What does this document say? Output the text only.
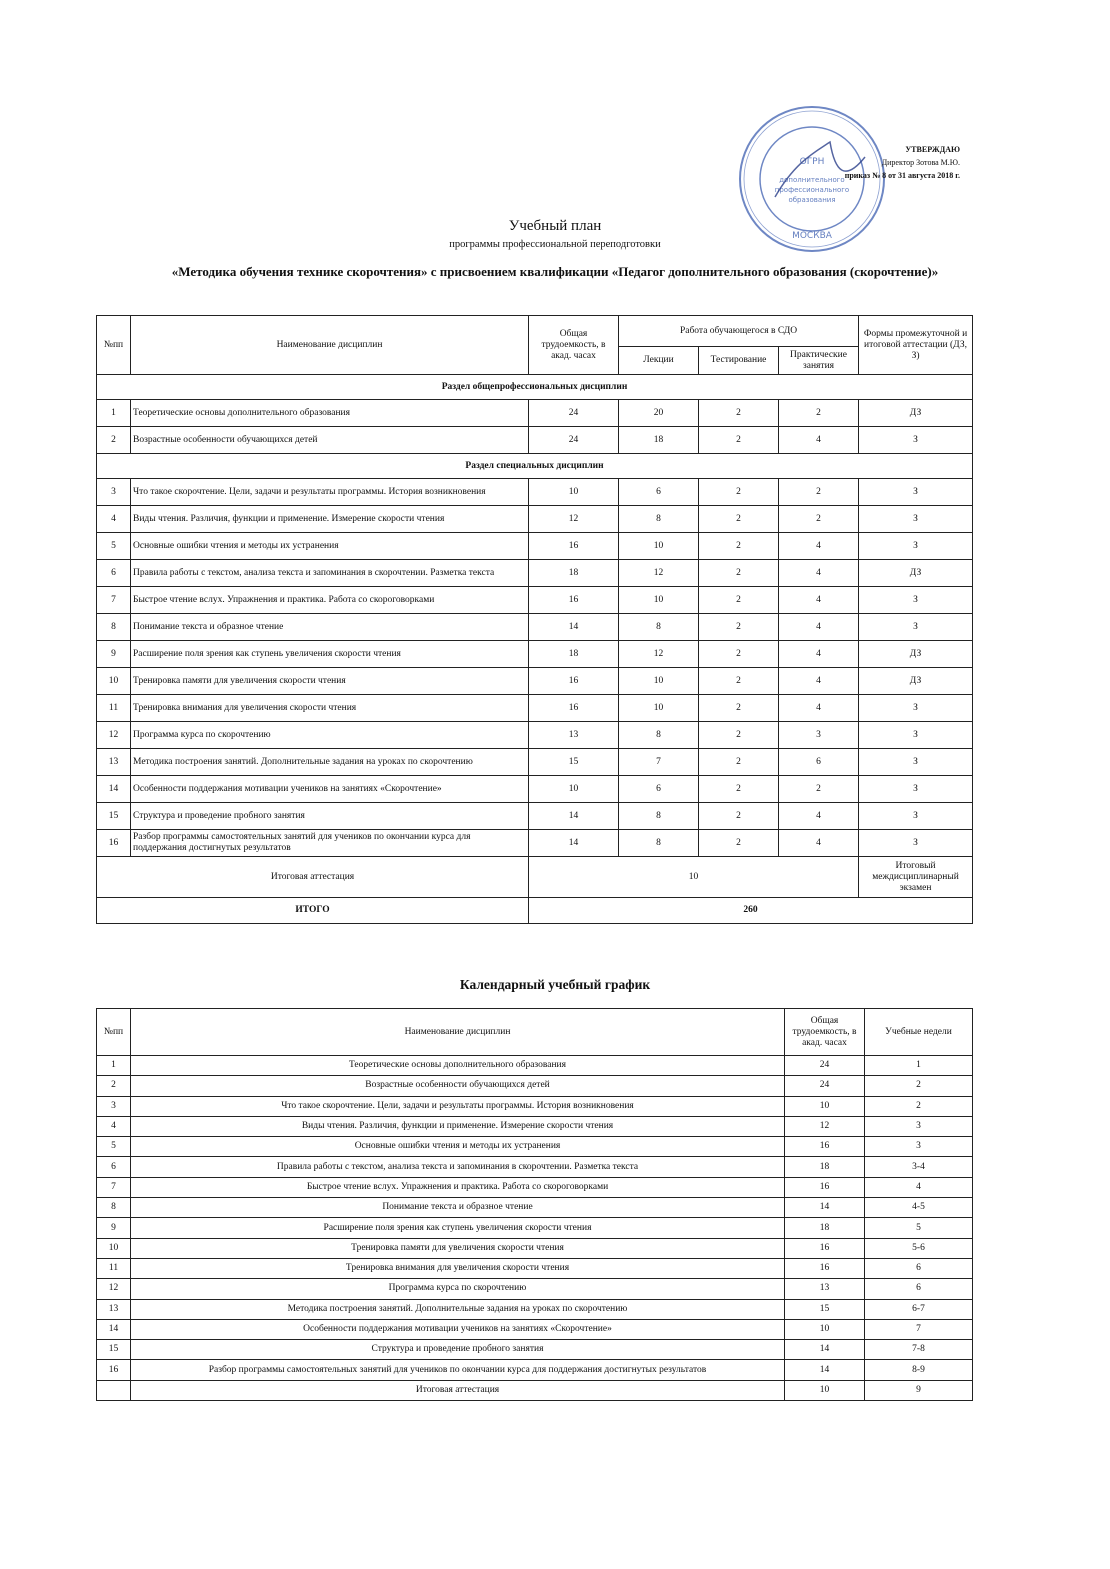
ОГРН
дополнительного
профессионального
образования
МОСКВА
УТВЕРЖДАЮ
Директор Зотова М.Ю.
приказ № 8 от 31 августа 2018 г.
Учебный план
программы профессиональной переподготовки
«Методика обучения технике скорочтения» с присвоением квалификации «Педагог дополнительного образования (скорочтение)»
№пп	Наименование дисциплин	Общая трудоемкость, в акад. часах	Работа обучающегося в СДО			Формы промежуточной и итоговой аттестации (ДЗ, З)
			Лекции	Тестирование	Практические занятия	
Раздел общепрофессиональных дисциплин						
1	Теоретические основы дополнительного образования	24	20	2	2	ДЗ
2	Возрастные особенности обучающихся детей	24	18	2	4	З
Раздел специальных дисциплин						
3	Что такое скорочтение. Цели, задачи и результаты программы. История возникновения	10	6	2	2	З
4	Виды чтения. Различия, функции и применение. Измерение скорости чтения	12	8	2	2	З
5	Основные ошибки чтения и методы их устранения	16	10	2	4	З
6	Правила работы с текстом, анализа текста и запоминания в скорочтении. Разметка текста	18	12	2	4	ДЗ
7	Быстрое чтение вслух. Упражнения и практика. Работа со скороговорками	16	10	2	4	З
8	Понимание текста и образное чтение	14	8	2	4	З
9	Расширение поля зрения как ступень увеличения скорости чтения	18	12	2	4	ДЗ
10	Тренировка памяти для увеличения скорости чтения	16	10	2	4	ДЗ
11	Тренировка внимания для увеличения скорости чтения	16	10	2	4	З
12	Программа курса по скорочтению	13	8	2	3	З
13	Методика построения занятий. Дополнительные задания на уроках по скорочтению	15	7	2	6	З
14	Особенности поддержания мотивации учеников на занятиях «Скорочтение»	10	6	2	2	З
15	Структура и проведение пробного занятия	14	8	2	4	З
16	Разбор программы самостоятельных занятий для учеников по окончании курса для поддержания достигнутых результатов	14	8	2	4	З
Итоговая аттестация		10				Итоговый междисциплинарный экзамен
ИТОГО		260				
Календарный учебный график
№пп	Наименование дисциплин	Общая трудоемкость, в акад. часах	Учебные недели
1	Теоретические основы дополнительного образования	24	1
2	Возрастные особенности обучающихся детей	24	2
3	Что такое скорочтение. Цели, задачи и результаты программы. История возникновения	10	2
4	Виды чтения. Различия, функции и применение. Измерение скорости чтения	12	3
5	Основные ошибки чтения и методы их устранения	16	3
6	Правила работы с текстом, анализа текста и запоминания в скорочтении. Разметка текста	18	3-4
7	Быстрое чтение вслух. Упражнения и практика. Работа со скороговорками	16	4
8	Понимание текста и образное чтение	14	4-5
9	Расширение поля зрения как ступень увеличения скорости чтения	18	5
10	Тренировка памяти для увеличения скорости чтения	16	5-6
11	Тренировка внимания для увеличения скорости чтения	16	6
12	Программа курса по скорочтению	13	6
13	Методика построения занятий. Дополнительные задания на уроках по скорочтению	15	6-7
14	Особенности поддержания мотивации учеников на занятиях «Скорочтение»	10	7
15	Структура и проведение пробного занятия	14	7-8
16	Разбор программы самостоятельных занятий для учеников по окончании курса для поддержания достигнутых результатов	14	8-9
	Итоговая аттестация	10	9
